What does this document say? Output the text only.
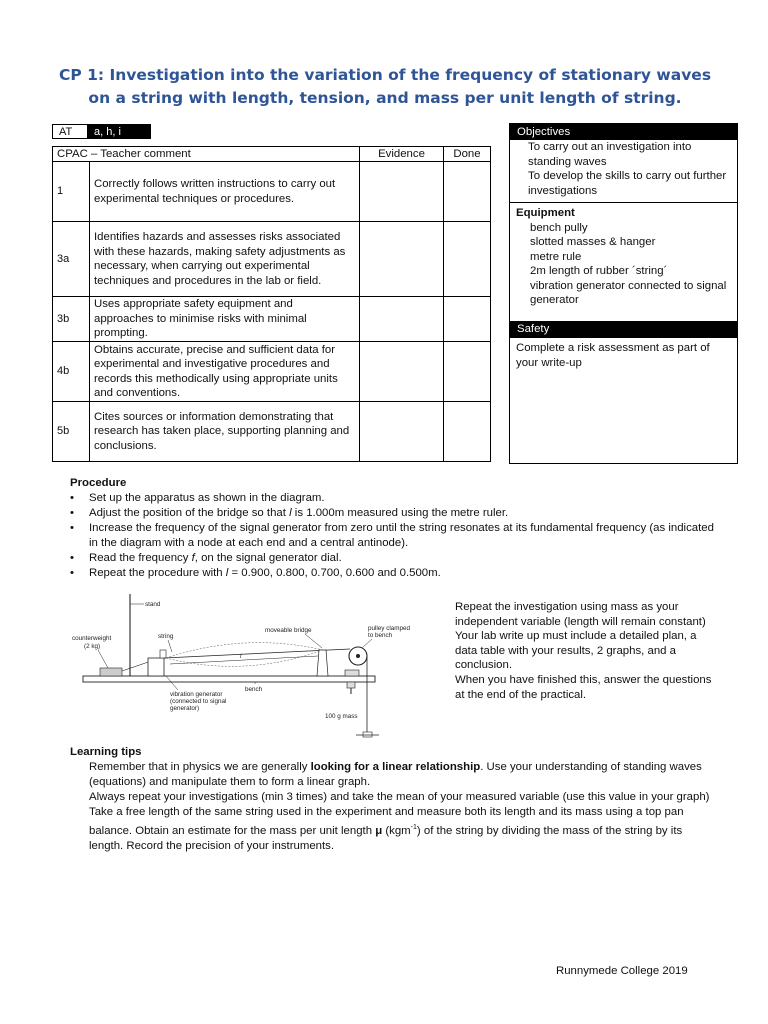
CP 1: Investigation into the variation of the frequency of stationary waves
on a string with length, tension, and mass per unit length of string.
AT	a, h, i
CPAC – Teacher comment		Evidence	Done
1	Correctly follows written instructions to carry out experimental techniques or procedures.		
3a	Identifies hazards and assesses risks associated with these hazards, making safety adjustments as necessary, when carrying out experimental techniques and procedures in the lab or field.		
3b	Uses appropriate safety equipment and approaches to minimise risks with minimal prompting.		
4b	Obtains accurate, precise and sufficient data for experimental and investigative procedures and records this methodically using appropriate units and conventions.		
5b	Cites sources or information demonstrating that research has taken place, supporting planning and conclusions.		
Objectives
To carry out an investigation into standing waves
To develop the skills to carry out further investigations
Equipment
bench pully
slotted masses & hanger
metre rule
2m length of rubber ´string´
vibration generator connected to signal generator
Safety
Complete a risk assessment as part of your write-up
Procedure
• Set up the apparatus as shown in the diagram.
• Adjust the position of the bridge so that l is 1.000m measured using the metre ruler.
• Increase the frequency of the signal generator from zero until the string resonates at its fundamental frequency (as indicated in the diagram with a node at each end and a central antinode).
• Read the frequency f, on the signal generator dial.
• Repeat the procedure with l = 0.900, 0.800, 0.700, 0.600 and 0.500m.
stand
counterweight
(2 kg)
string
l
moveable bridge	pulley clamped
to bench
100 g mass
bench
vibration generator
(connected to signal
generator)
Repeat the investigation using mass as your independent variable (length will remain constant)
Your lab write up must include a detailed plan, a data table with your results, 2 graphs, and a conclusion.
When you have finished this, answer the questions at the end of the practical.
Learning tips
Remember that in physics we are generally looking for a linear relationship. Use your understanding of standing waves (equations) and manipulate them to form a linear graph.
Always repeat your investigations (min 3 times) and take the mean of your measured variable (use this value in your graph)
Take a free length of the same string used in the experiment and measure both its length and its mass using a top pan balance. Obtain an estimate for the mass per unit length μ (kgm$^{-1}$) of the string by dividing the mass of the string by its length. Record the precision of your instruments.
Runnymede College 2019
